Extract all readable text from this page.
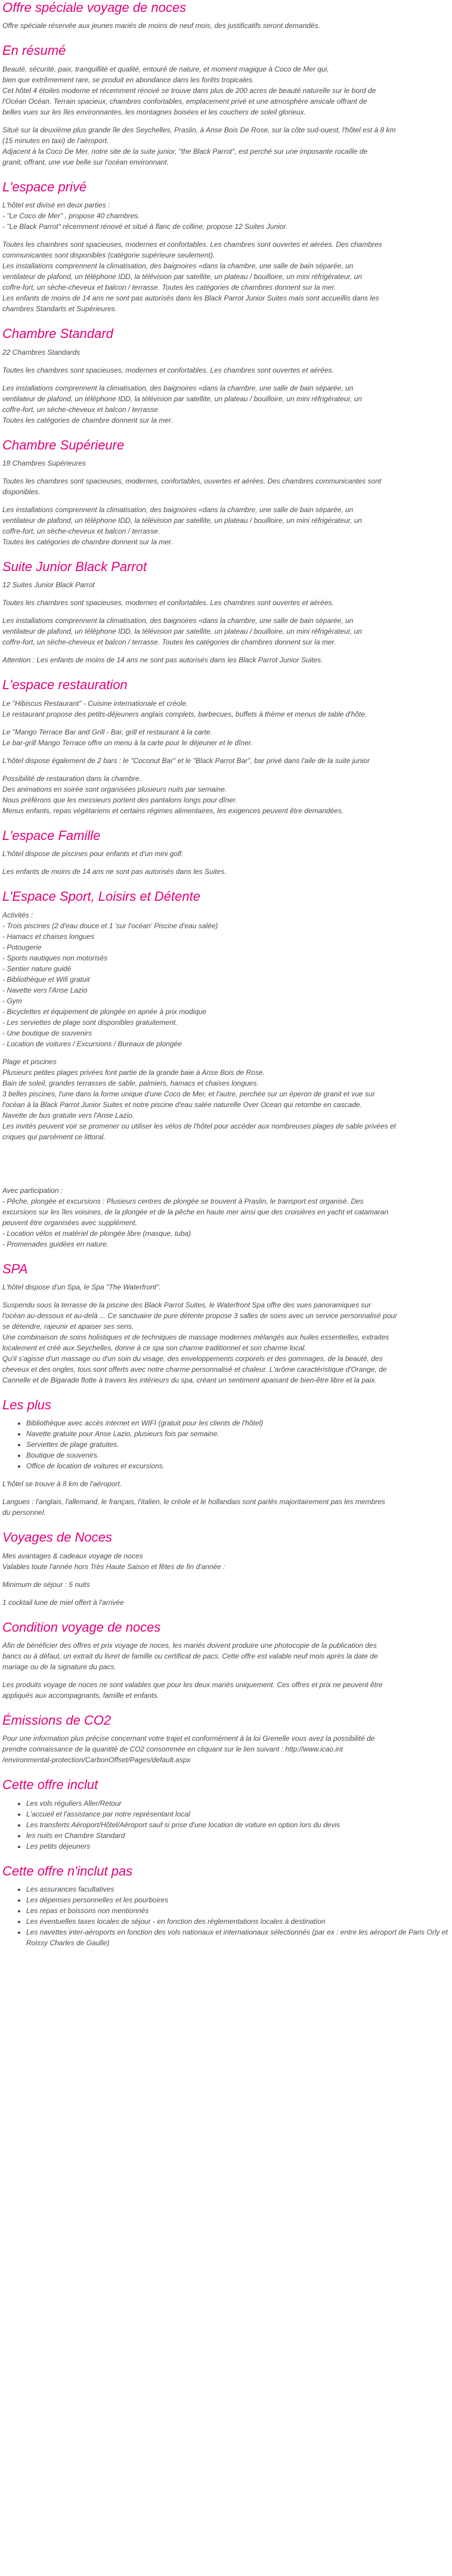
Offre spéciale voyage de noces

Offre spéciale réservée aux jeunes mariés de moins de neuf mois, des justificatifs seront demandés.

En résumé

Beauté, sécurité, paix, tranquillité et qualité, entouré de nature, et moment magique à Coco de Mer qui,
bien que extrêmement rare, se produit en abondance dans les forêts tropicales.
Cet hôtel 4 étoiles moderne et récemment rénové se trouve dans plus de 200 acres de beauté naturelle sur le bord de
l'Océan Océan. Terrain spacieux, chambres confortables, emplacement privé et une atmosphère amicale offrant de
belles vues sur les îles environnantes, les montagnes boisées et les couchers de soleil glorieux.

Situé sur la deuxième plus grande île des Seychelles, Praslin, à Anse Bois De Rose, sur la côte sud-ouest, l'hôtel est à 8 km
(15 minutes en taxi) de l'aéroport.
Adjacent à la Coco De Mer, notre site de la suite junior, "the Black Parrot", est perché sur une imposante rocaille de
granit, offrant, une vue belle sur l'océan environnant.

L'espace privé

L'hôtel est divisé en deux parties :
- "Le Coco de Mer" , propose 40 chambres.
- "Le Black Parrot" récemment rénové et situé à flanc de colline, propose 12 Suites Junior.

Toutes les chambres sont spacieuses, modernes et confortables. Les chambres sont ouvertes et aérées. Des chambres
communicantes sont disponibles (catégorie supérieure seulement).
Les installations comprennent la climatisation, des baignoires «dans la chambre, une salle de bain séparée, un
ventilateur de plafond, un téléphone IDD, la télévision par satellite, un plateau / bouilloire, un mini réfrigérateur, un
coffre-fort, un sèche-cheveux et balcon / terrasse. Toutes les catégories de chambres donnent sur la mer.
Les enfants de moins de 14 ans ne sont pas autorisés dans les Black Parrot Junior Suites mais sont accueillis dans les
chambres Standarts et Supérieures.

Chambre Standard

22 Chambres Standards

Toutes les chambres sont spacieuses, modernes et confortables. Les chambres sont ouvertes et aérées.

Les installations comprennent la climatisation, des baignoires «dans la chambre, une salle de bain séparée, un
ventilateur de plafond, un téléphone IDD, la télévision par satellite, un plateau / bouilloire, un mini réfrigérateur, un
coffre-fort, un sèche-cheveux et balcon / terrasse.
Toutes les catégories de chambre donnent sur la mer.

Chambre Supérieure

18 Chambres Supérieures

Toutes les chambres sont spacieuses, modernes, confortables, ouvertes et aérées. Des chambres communicantes sont
disponibles.

Les installations comprennent la climatisation, des baignoires «dans la chambre, une salle de bain séparée, un
ventilateur de plafond, un téléphone IDD, la télévision par satellite, un plateau / bouilloire, un mini réfrigérateur, un
coffre-fort, un sèche-cheveux et balcon / terrasse.
Toutes les catégories de chambre donnent sur la mer.

Suite Junior Black Parrot

12 Suites Junior Black Parrot

Toutes les chambres sont spacieuses, modernes et confortables. Les chambres sont ouvertes et aérées.

Les installations comprennent la climatisation, des baignoires «dans la chambre, une salle de bain séparée, un
ventilateur de plafond, un téléphone IDD, la télévision par satellite, un plateau / bouilloire, un mini réfrigérateur, un
coffre-fort, un sèche-cheveux et balcon / terrasse. Toutes les catégories de chambres donnent sur la mer.

Attention : Les enfants de moins de 14 ans ne sont pas autorisés dans les Black Parrot Junior Suites.

L'espace restauration

Le "Hibiscus Restaurant" - Cuisine internationale et créole.
Le restaurant propose des petits-déjeuners anglais complets, barbecues, buffets à thème et menus de table d'hôte.

Le "Mango Terrace Bar and Grill - Bar, grill et restaurant à la carte.
Le bar-grill Mango Terrace offre un menu à la carte pour le déjeuner et le dîner.

L'hôtel dispose également de 2 bars : le "Coconut Bar" et le "Black Parrot Bar", bar privé dans l'aile de la suite junior

Possibilité de restauration dans la chambre.
Des animations en soirée sont organisées plusieurs nuits par semaine.
Nous préférons que les messieurs portent des pantalons longs pour dîner.
Menus enfants, repas végétariens et certains régimes alimentaires, les exigences peuvent être demandées.

L'espace Famille

L'hôtel dispose de piscines pour enfants et d'un mini golf.

Les enfants de moins de 14 ans ne sont pas autorisés dans les Suites.

L'Espace Sport, Loisirs et Détente

Activités :
- Trois piscines (2 d'eau douce et 1 'sur l'océan' Piscine d'eau salée)
- Hamacs et chaises longues
- Potougerie
- Sports nautiques non motorisés
- Sentier nature guidé
- Bibliothèque et Wifi gratuit
- Navette vers l'Anse Lazio
- Gym
- Bicyclettes et équipement de plongée en apnée à prix modique
- Les serviettes de plage sont disponibles gratuitement.
- Une boutique de souvenirs
- Location de voitures / Excursions / Bureaux de plongée

Plage et piscines
Plusieurs petites plages privées font partie de la grande baie à Anse Bois de Rose.
Bain de soleil, grandes terrasses de sable, palmiers, hamacs et chaises longues.
3 belles piscines, l'une dans la forme unique d'une Coco de Mer, et l'autre, perchée sur un éperon de granit et vue sur
l'océan à la Black Parrot Junior Suites et notre piscine d'eau salée naturelle Over Ocean qui retombe en cascade.
Navette de bus gratuite vers l'Anse Lazio.
Les invités peuvent voir se promener ou utiliser les vélos de l'hôtel pour accéder aux nombreuses plages de sable privées et
criques qui parsèment ce littoral.

Avec participation :
- Pêche, plongée et excursions : Plusieurs centres de plongée se trouvent à Praslin, le transport est organisé. Des
excursions sur les îles voisines, de la plongée et de la pêche en haute mer ainsi que des croisières en yacht et catamaran
peuvent être organisées avec supplément.
- Location vélos et matériel de plongée libre (masque, tuba)
- Promenades guidées en nature.

SPA

L'hôtel dispose d'un Spa, le Spa "The Waterfront".

Suspendu sous la terrasse de la piscine des Black Parrot Suites, le Waterfront Spa offre des vues panoramiques sur
l'océan au-dessous et au-delà ... Ce sanctuaire de pure détente propose 3 salles de soins avec un service personnalisé pour
se détendre, rajeunir et apaiser ses sens.
Une combinaison de soins holistiques et de techniques de massage modernes mélangés aux huiles essentielles, extraites
localement et créé aux Seychelles, donne à ce spa son charme traditionnel et son charme local.
Qu'il s'agisse d'un massage ou d'un soin du visage, des enveloppements corporels et des gommages, de la beauté, des
cheveux et des ongles, tous sont offerts avec notre charme personnalisé et chaleur. L'arôme caractéristique d'Orange, de
Cannelle et de Bigarade flotte à travers les intérieurs du spa, créant un sentiment apaisant de bien-être libre et la paix.

Les plus
• Bibliothèque avec accès internet en WIFI (gratuit pour les clients de l'hôtel)
• Navette gratuite pour Anse Lazio, plusieurs fois par semaine.
• Serviettes de plage gratuites.
• Boutique de souvenirs.
• Office de location de voitures et excursions.

L'hôtel se trouve à 8 km de l'aéroport.

Langues : l'anglais, l'allemand, le français, l'italien, le créole et le hollandais sont parlés majoritairement pas les membres
du personnel.

Voyages de Noces

Mes avantages & cadeaux voyage de noces
Valables toute l'année hors Très Haute Saison et fêtes de fin d'année :

Minimum de séjour : 5 nuits

1 cocktail lune de miel offert à l'arrivée

Condition voyage de noces

Afin de bénéficier des offres et prix voyage de noces, les mariés doivent produire une photocopie de la publication des
bancs ou à défaut, un extrait du livret de famille ou certificat de pacs. Cette offre est valable neuf mois après la date de
mariage ou de la signature du pacs.

Les produits voyage de noces ne sont valables que pour les deux mariés uniquement. Ces offres et prix ne peuvent être
appliqués aux accompagnants, famille et enfants.

Émissions de CO2

Pour une information plus précise concernant votre trajet et conformément à la loi Grenelle vous avez la possibilité de
prendre connaissance de la quantité de CO2 consommée en cliquant sur le lien suivant : http://www.icao.int
/environmental-protection/CarbonOffset/Pages/default.aspx

Cette offre inclut
• Les vols réguliers Aller/Retour
• L'accueil et l'assistance par notre représentant local
• Les transferts Aéroport/Hôtel/Aéroport sauf si prise d'une location de voiture en option lors du devis
• les nuits en Chambre Standard
• Les petits déjeuners
Cette offre n'inclut pas
• Les assurances facultatives
• Les dépenses personnelles et les pourboires
• Les repas et boissons non mentionnés
• Les éventuelles taxes locales de séjour - en fonction des réglementations locales à destination
• Les navettes inter-aéroports en fonction des vols nationaux et internationaux sélectionnés (par ex : entre les aéroport de Paris Orly et Roissy Charles de Gaulle)
